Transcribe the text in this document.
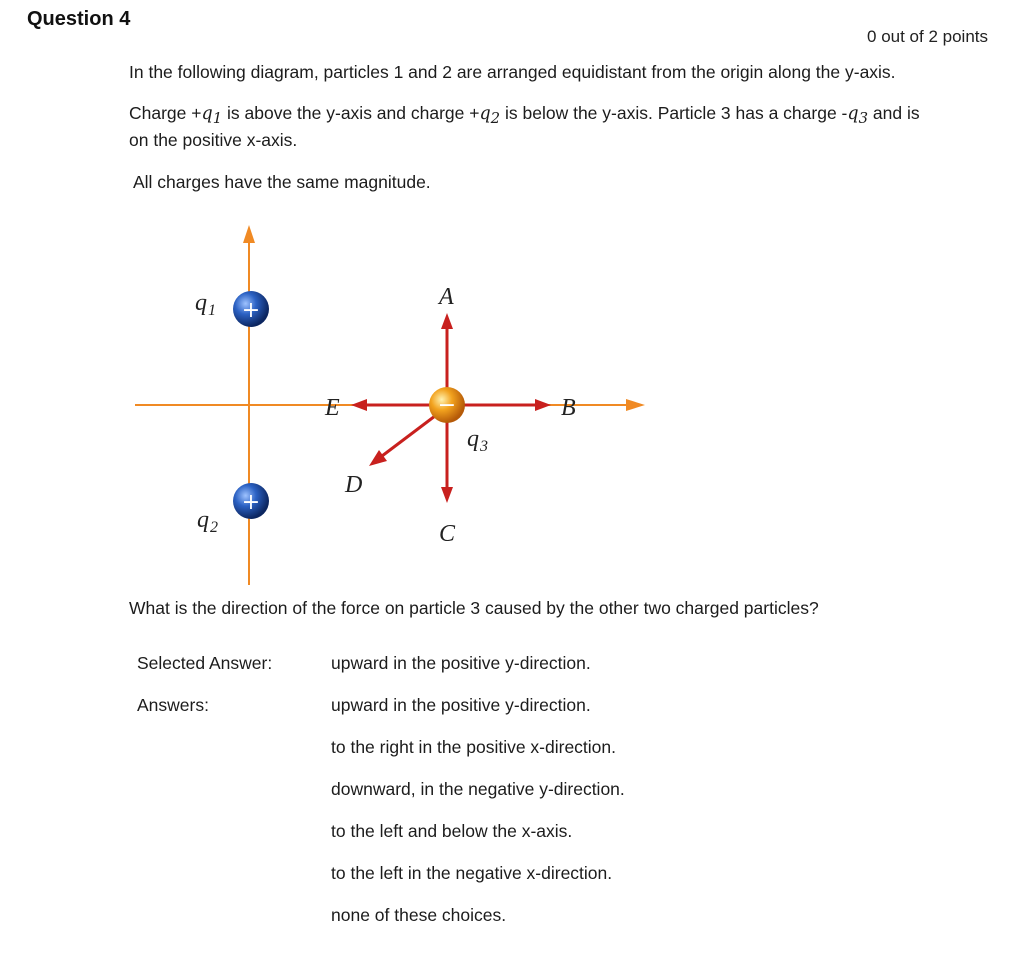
Question 4
0 out of 2 points
In the following diagram, particles 1 and 2 are arranged equidistant from the origin along the y-axis.
Charge $+q_1$ is above the y-axis and charge $+q_2$ is below the y-axis. Particle 3 has a charge $-q_3$ and is
on the positive x-axis.
All charges have the same magnitude.
+
+
−
q 1
q 2
q 3
A
B
C
D
E
What is the direction of the force on particle 3 caused by the other two charged particles?
Selected Answer:	upward in the positive y-direction.
Answers:	upward in the positive y-direction.
to the right in the positive x-direction.
downward, in the negative y-direction.
to the left and below the x-axis.
to the left in the negative x-direction.
none of these choices.
